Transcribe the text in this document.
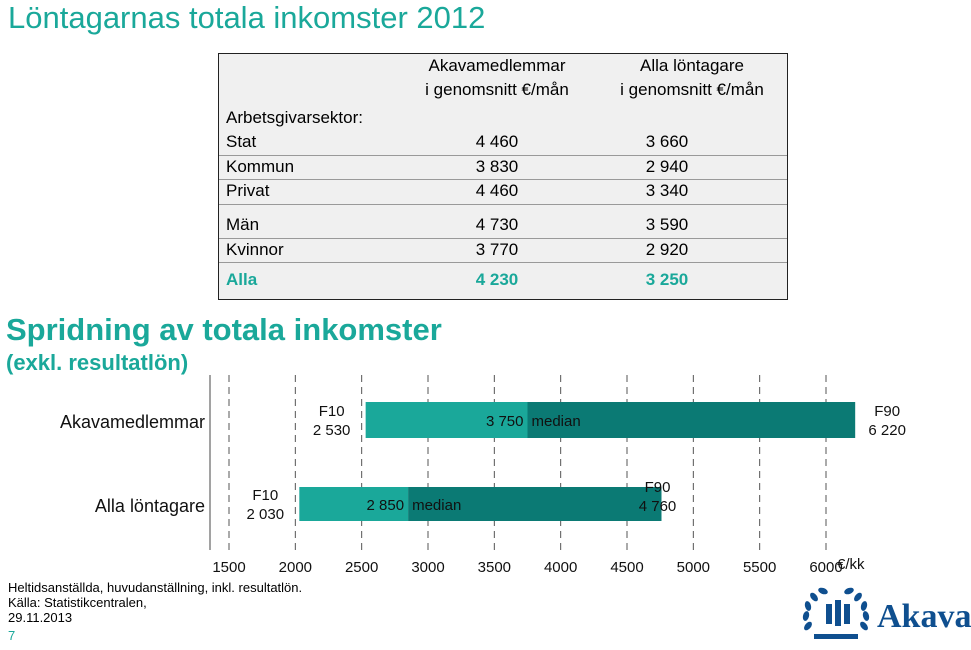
Löntagarnas totala inkomster 2012
Akavamedlemmar
i genomsnitt €/mån
Alla löntagare
i genomsnitt €/mån
Arbetsgivarsektor:
Stat	4 460	3 660
Kommun	3 830	2 940
Privat	4 460	3 340
Män	4 730	3 590
Kvinnor	3 770	2 920
Alla	4 230	3 250
Spridning av totala inkomster
(exkl. resultatlön)
1500 2000 2500 3000 3500 4000 4500 5000 5500 6000
€/kk
Akavamedlemmar	3 750 median
F10
2 530
F90
6 220
Alla löntagare	2 850 median
F10
2 030
F90
4 760
Heltidsanställda, huvudanställning, inkl. resultatlön.
Källa: Statistikcentralen,
29.11.2013
7
Akava
